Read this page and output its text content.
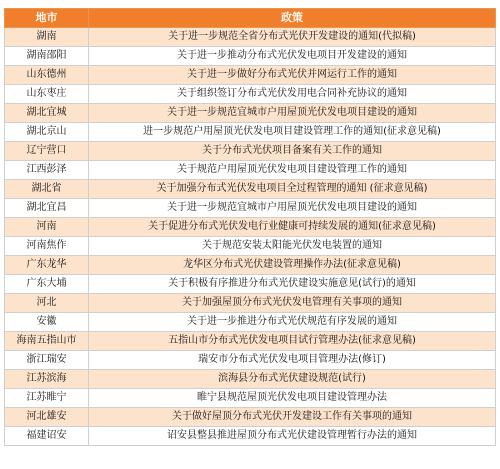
地市	政策
湖南	关于进一步规范全省分布式光伏开发建设的通知(代拟稿)
湖南邵阳	关于进一步推动分布式光伏发电项目开发建设的通知
山东德州	关于进一步做好分布式光伏并网运行工作的通知
山东枣庄	关于组织签订分布式光伏发用电合同补充协议的通知
湖北宜城	关于进一步规范宜城市户用屋顶光伏发电项目建设的通知
湖北京山	进一步规范户用屋顶光伏发电项目建设管理工作的通知(征求意见稿)
辽宁营口	关于分布式光伏项目备案有关工作的通知
江西彭泽	关于规范户用屋顶光伏发电项目建设管理工作的通知
湖北省	关于加强分布式光伏发电项目全过程管理的通知 (征求意见稿)
湖北宜昌	关于进一步规范宜城市户用屋顶光伏发电项目建设的通知
河南	关于促进分布式光伏发电行业健康可持续发展的通知(征求意见稿)
河南焦作	关于规范安装太阳能光伏发电装置的通知
广东龙华	龙华区分布式光伏建设管理操作办法(征求意见稿)
广东大埔	关于积极有序推进分布式光伏建设实施意见(试行)的通知
河北	关于加强屋顶分布式光伏发电管理有关事项的通知
安徽	关于进一步推进分布式光伏规范有序发展的通知
海南五指山市	五指山市分布式光伏发电项目试行管理办法(征求意见稿)
浙江瑞安	瑞安市分布式光伏发电项目管理办法(修订)
江苏滨海	滨海县分布式光伏建设规范(试行)
江苏睢宁	睢宁县规范屋顶光伏发电项目建设管理办法
河北雄安	关于做好屋顶分布式光伏开发建设工作有关事项的通知
福建诏安	诏安县整县推进屋顶分布式光伏建设管理暂行办法的通知
